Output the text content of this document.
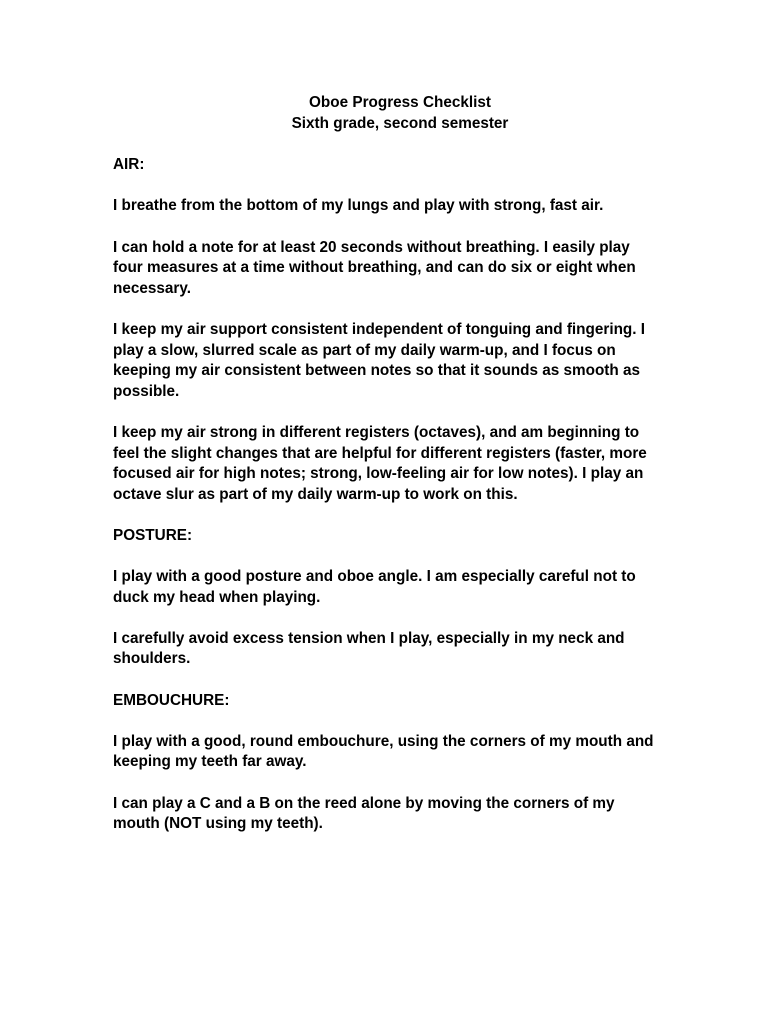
Oboe Progress Checklist
Sixth grade, second semester

AIR:

I breathe from the bottom of my lungs and play with strong, fast air.

I can hold a note for at least 20 seconds without breathing. I easily play four measures at a time without breathing, and can do six or eight when necessary.

I keep my air support consistent independent of tonguing and fingering. I play a slow, slurred scale as part of my daily warm-up, and I focus on keeping my air consistent between notes so that it sounds as smooth as possible.

I keep my air strong in different registers (octaves), and am beginning to feel the slight changes that are helpful for different registers (faster, more focused air for high notes; strong, low-feeling air for low notes). I play an octave slur as part of my daily warm-up to work on this.

POSTURE:

I play with a good posture and oboe angle. I am especially careful not to duck my head when playing.

I carefully avoid excess tension when I play, especially in my neck and shoulders.

EMBOUCHURE:

I play with a good, round embouchure, using the corners of my mouth and keeping my teeth far away.

I can play a C and a B on the reed alone by moving the corners of my mouth (NOT using my teeth).
